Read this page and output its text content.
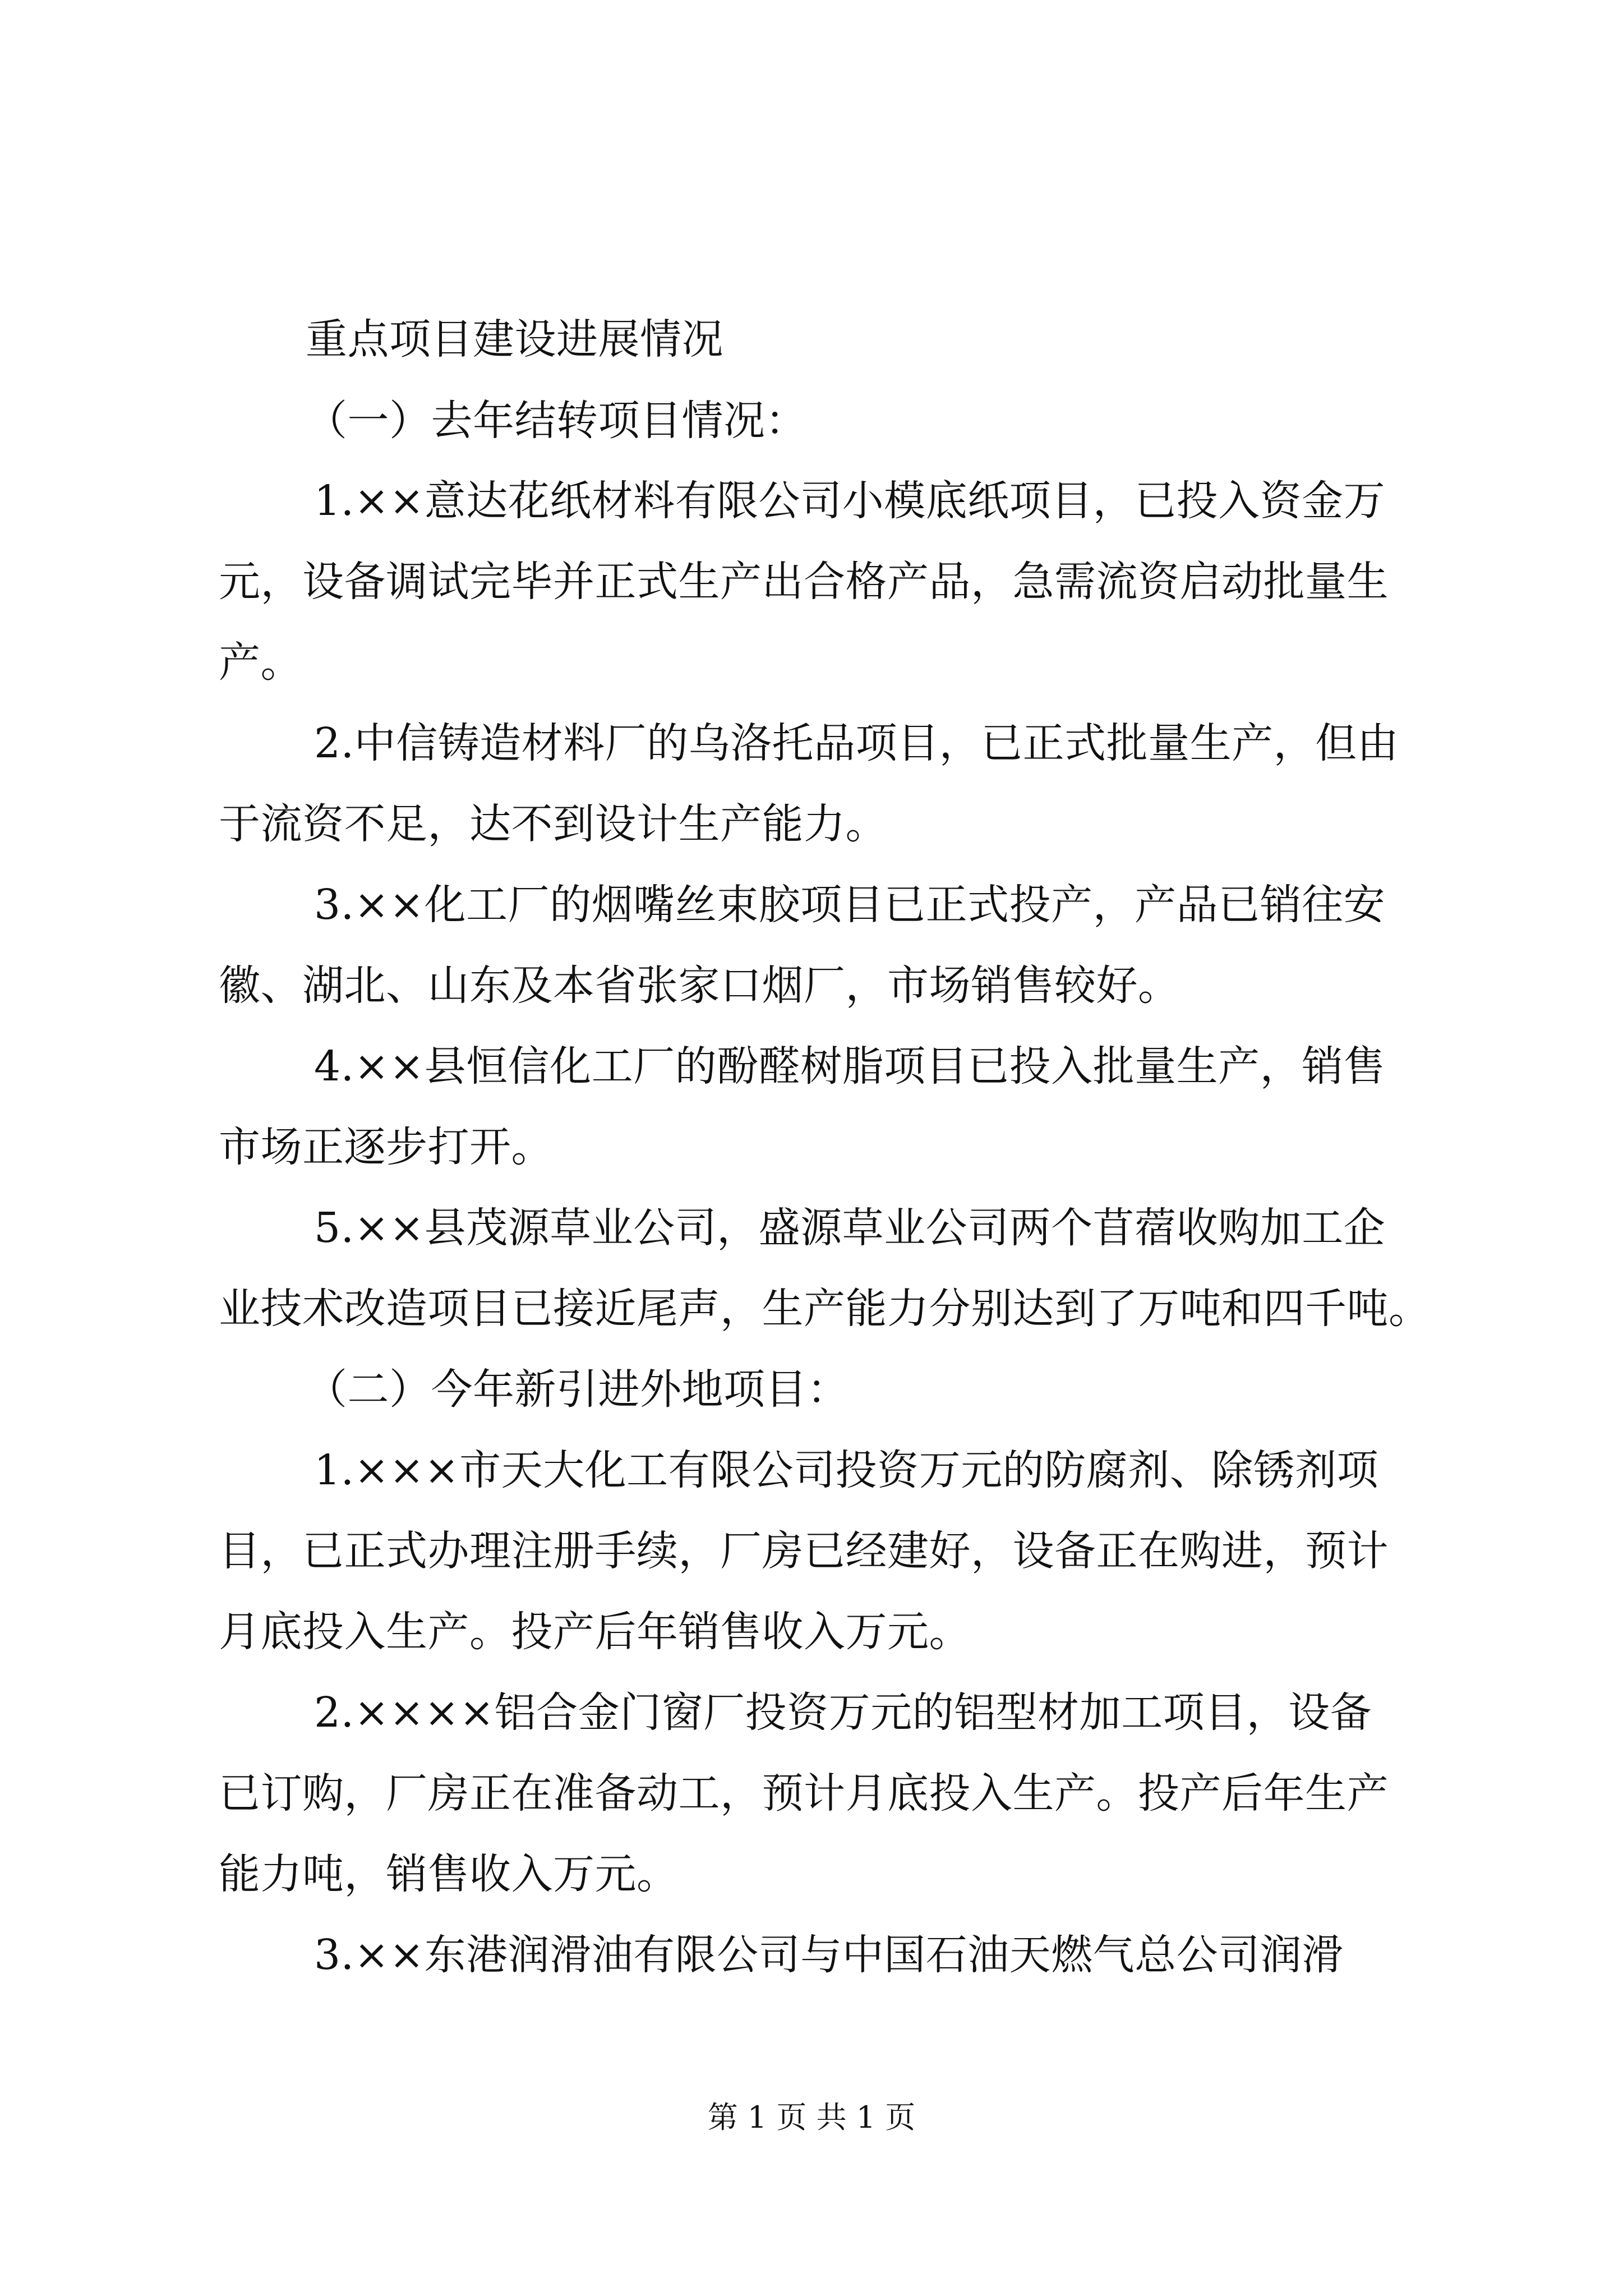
重点项目建设进展情况
（一）去年结转项目情况：
1.××意达花纸材料有限公司小模底纸项目，已投入资金万
元，设备调试完毕并正式生产出合格产品，急需流资启动批量生
产。
2.中信铸造材料厂的乌洛托品项目，已正式批量生产，但由
于流资不足，达不到设计生产能力。
3.××化工厂的烟嘴丝束胶项目已正式投产，产品已销往安
徽、湖北、山东及本省张家口烟厂，市场销售较好。
4.××县恒信化工厂的酚醛树脂项目已投入批量生产，销售
市场正逐步打开。
5.××县茂源草业公司，盛源草业公司两个苜蓿收购加工企
业技术改造项目已接近尾声，生产能力分别达到了万吨和四千吨。
（二）今年新引进外地项目：
1.×××市天大化工有限公司投资万元的防腐剂、除锈剂项
目，已正式办理注册手续，厂房已经建好，设备正在购进，预计
月底投入生产。投产后年销售收入万元。
2.××××铝合金门窗厂投资万元的铝型材加工项目，设备
已订购，厂房正在准备动工，预计月底投入生产。投产后年生产
能力吨，销售收入万元。
3.××东港润滑油有限公司与中国石油天燃气总公司润滑
第 1 页 共 1 页
